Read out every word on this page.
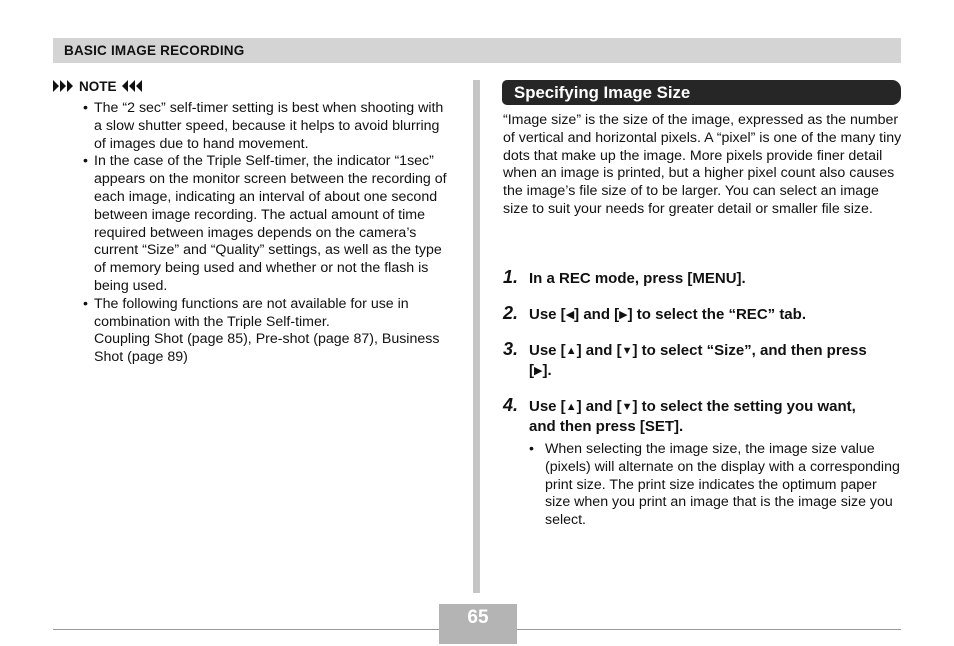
BASIC IMAGE RECORDING
NOTE
• The “2 sec” self-timer setting is best when shooting with a slow shutter speed, because it helps to avoid blurring of images due to hand movement.
• In the case of the Triple Self-timer, the indicator “1sec” appears on the monitor screen between the recording of each image, indicating an interval of about one second between image recording. The actual amount of time required between images depends on the camera’s current “Size” and “Quality” settings, as well as the type of memory being used and whether or not the flash is being used.
• The following functions are not available for use in combination with the Triple Self-timer.
Coupling Shot (page 85), Pre-shot (page 87), Business Shot (page 89)
Specifying Image Size

“Image size” is the size of the image, expressed as the number of vertical and horizontal pixels. A “pixel” is one of the many tiny dots that make up the image. More pixels provide finer detail when an image is printed, but a higher pixel count also causes the image’s file size of to be larger. You can select an image size to suit your needs for greater detail or smaller file size.

1. In a REC mode, press [MENU].
2. Use [◀] and [▶] to select the “REC” tab.
3. Use [▲] and [▼] to select “Size”, and then press [▶].
4. Use [▲] and [▼] to select the setting you want, and then press [SET].
• When selecting the image size, the image size value (pixels) will alternate on the display with a corresponding print size. The print size indicates the optimum paper size when you print an image that is the image size you select.
65
